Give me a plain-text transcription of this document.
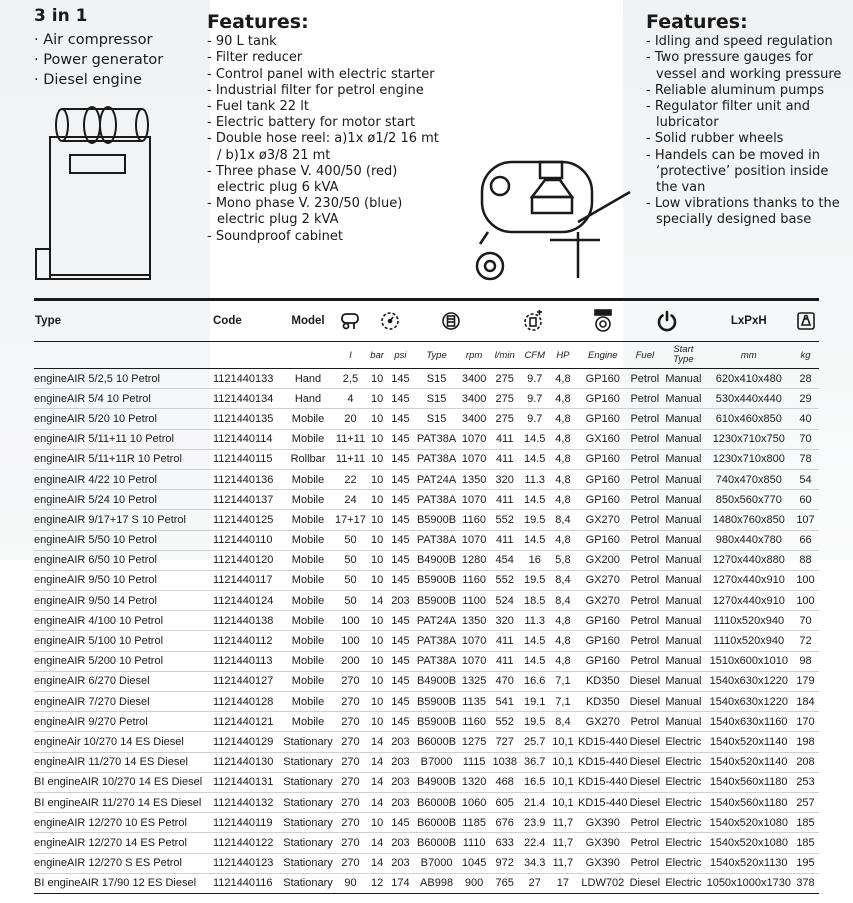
3 in 1
· Air compressor
· Power generator
· Diesel engine
Features:
- 90 L tank
- Filter reducer
- Control panel with electric starter
- Industrial filter for petrol engine
- Fuel tank 22 lt
- Electric battery for motor start
- Double hose reel: a)1x ø1/2 16 mt / b)1x ø3/8 21 mt
- Three phase V. 400/50 (red) electric plug 6 kVA
- Mono phase V. 230/50 (blue) electric plug 2 kVA
- Soundproof cabinet
Features:
- Idling and speed regulation
- Two pressure gauges for vessel and working pressure
- Reliable aluminum pumps
- Regulator filter unit and lubricator
- Solid rubber wheels
- Handels can be moved in ‘protective’ position inside the van
- Low vibrations thanks to the specially designed base
Type	Code	Model												LxPxH	
			l	bar	psi	Type	rpm	l/min	CFM	HP	Engine	Fuel	Start Type	mm	kg
engineAIR 5/2,5 10 Petrol	1121440133	Hand	2,5	10	145	S15	3400	275	9.7	4,8	GP160	Petrol	Manual	620x410x480	28
engineAIR 5/4 10 Petrol	1121440134	Hand	4	10	145	S15	3400	275	9.7	4,8	GP160	Petrol	Manual	530x440x440	29
engineAIR 5/20 10 Petrol	1121440135	Mobile	20	10	145	S15	3400	275	9.7	4,8	GP160	Petrol	Manual	610x460x850	40
engineAIR 5/11+11 10 Petrol	1121440114	Mobile	11+11	10	145	PAT38A	1070	411	14.5	4,8	GX160	Petrol	Manual	1230x710x750	70
engineAIR 5/11+11R 10 Petrol	1121440115	Rollbar	11+11	10	145	PAT38A	1070	411	14.5	4,8	GP160	Petrol	Manual	1230x710x800	78
engineAIR 4/22 10 Petrol	1121440136	Mobile	22	10	145	PAT24A	1350	320	11.3	4,8	GP160	Petrol	Manual	740x470x850	54
engineAIR 5/24 10 Petrol	1121440137	Mobile	24	10	145	PAT38A	1070	411	14.5	4,8	GP160	Petrol	Manual	850x560x770	60
engineAIR 9/17+17 S 10 Petrol	1121440125	Mobile	17+17	10	145	B5900B	1160	552	19.5	8,4	GX270	Petrol	Manual	1480x760x850	107
engineAIR 5/50 10 Petrol	1121440110	Mobile	50	10	145	PAT38A	1070	411	14.5	4,8	GP160	Petrol	Manual	980x440x780	66
engineAIR 6/50 10 Petrol	1121440120	Mobile	50	10	145	B4900B	1280	454	16	5,8	GX200	Petrol	Manual	1270x440x880	88
engineAIR 9/50 10 Petrol	1121440117	Mobile	50	10	145	B5900B	1160	552	19.5	8,4	GX270	Petrol	Manual	1270x440x910	100
engineAIR 9/50 14 Petrol	1121440124	Mobile	50	14	203	B5900B	1100	524	18.5	8,4	GX270	Petrol	Manual	1270x440x910	100
engineAIR 4/100 10 Petrol	1121440138	Mobile	100	10	145	PAT24A	1350	320	11.3	4,8	GP160	Petrol	Manual	1110x520x940	70
engineAIR 5/100 10 Petrol	1121440112	Mobile	100	10	145	PAT38A	1070	411	14.5	4,8	GP160	Petrol	Manual	1110x520x940	72
engineAIR 5/200 10 Petrol	1121440113	Mobile	200	10	145	PAT38A	1070	411	14.5	4,8	GP160	Petrol	Manual	1510x600x1010	98
engineAIR 6/270 Diesel	1121440127	Mobile	270	10	145	B4900B	1325	470	16.6	7,1	KD350	Diesel	Manual	1540x630x1220	179
engineAIR 7/270 Diesel	1121440128	Mobile	270	10	145	B5900B	1135	541	19.1	7,1	KD350	Diesel	Manual	1540x630x1220	184
engineAIR 9/270 Petrol	1121440121	Mobile	270	10	145	B5900B	1160	552	19.5	8,4	GX270	Petrol	Manual	1540x630x1160	170
engineAir 10/270 14 ES Diesel	1121440129	Stationary	270	14	203	B6000B	1275	727	25.7	10,1	KD15-440	Diesel	Electric	1540x520x1140	198
engineAIR 11/270 14 ES Diesel	1121440130	Stationary	270	14	203	B7000	1115	1038	36.7	10,1	KD15-440	Diesel	Electric	1540x520x1140	208
BI engineAIR 10/270 14 ES Diesel	1121440131	Stationary	270	14	203	B4900B	1320	468	16.5	10,1	KD15-440	Diesel	Electric	1540x560x1180	253
BI engineAIR 11/270 14 ES Diesel	1121440132	Stationary	270	14	203	B6000B	1060	605	21.4	10,1	KD15-440	Diesel	Electric	1540x560x1180	257
engineAIR 12/270 10 ES Petrol	1121440119	Stationary	270	10	145	B6000B	1185	676	23.9	11,7	GX390	Petrol	Electric	1540x520x1080	185
engineAIR 12/270 14 ES Petrol	1121440122	Stationary	270	14	203	B6000B	1110	633	22.4	11,7	GX390	Petrol	Electric	1540x520x1080	185
engineAIR 12/270 S ES Petrol	1121440123	Stationary	270	14	203	B7000	1045	972	34.3	11,7	GX390	Petrol	Electric	1540x520x1130	195
BI engineAIR 17/90 12 ES Diesel	1121440116	Stationary	90	12	174	AB998	900	765	27	17	LDW702	Diesel	Electric	1050x1000x1730	378
